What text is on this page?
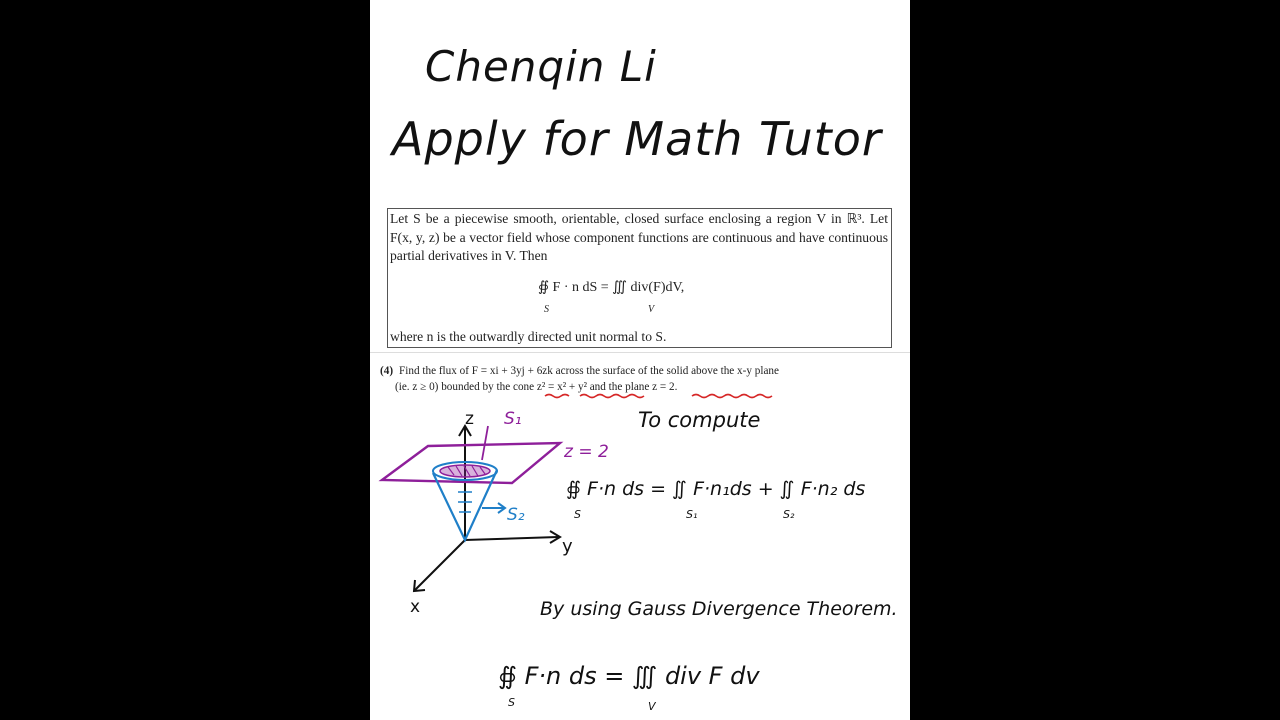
Chenqin Li
Apply for Math Tutor
Let S be a piecewise smooth, orientable, closed surface enclosing a region V in ℝ³. Let F(x, y, z) be a vector field whose component functions are continuous and have continuous partial derivatives in V. Then
∯ F · n dS = ∭ div(F)dV,
S	V
where n is the outwardly directed unit normal to S.
(4) Find the flux of F = xi + 3yj + 6zk across the surface of the solid above the x-y plane
(ie. z ≥ 0) bounded by the cone z² = x² + y² and the plane z = 2.
z
y
x
S₁
S₂
z = 2
To compute
∯ F·n ds = ∬ F·n₁ds + ∬ F·n₂ ds
S	S₁	S₂
By using Gauss Divergence Theorem.
∯ F·n ds = ∭ div F dv
S	V
